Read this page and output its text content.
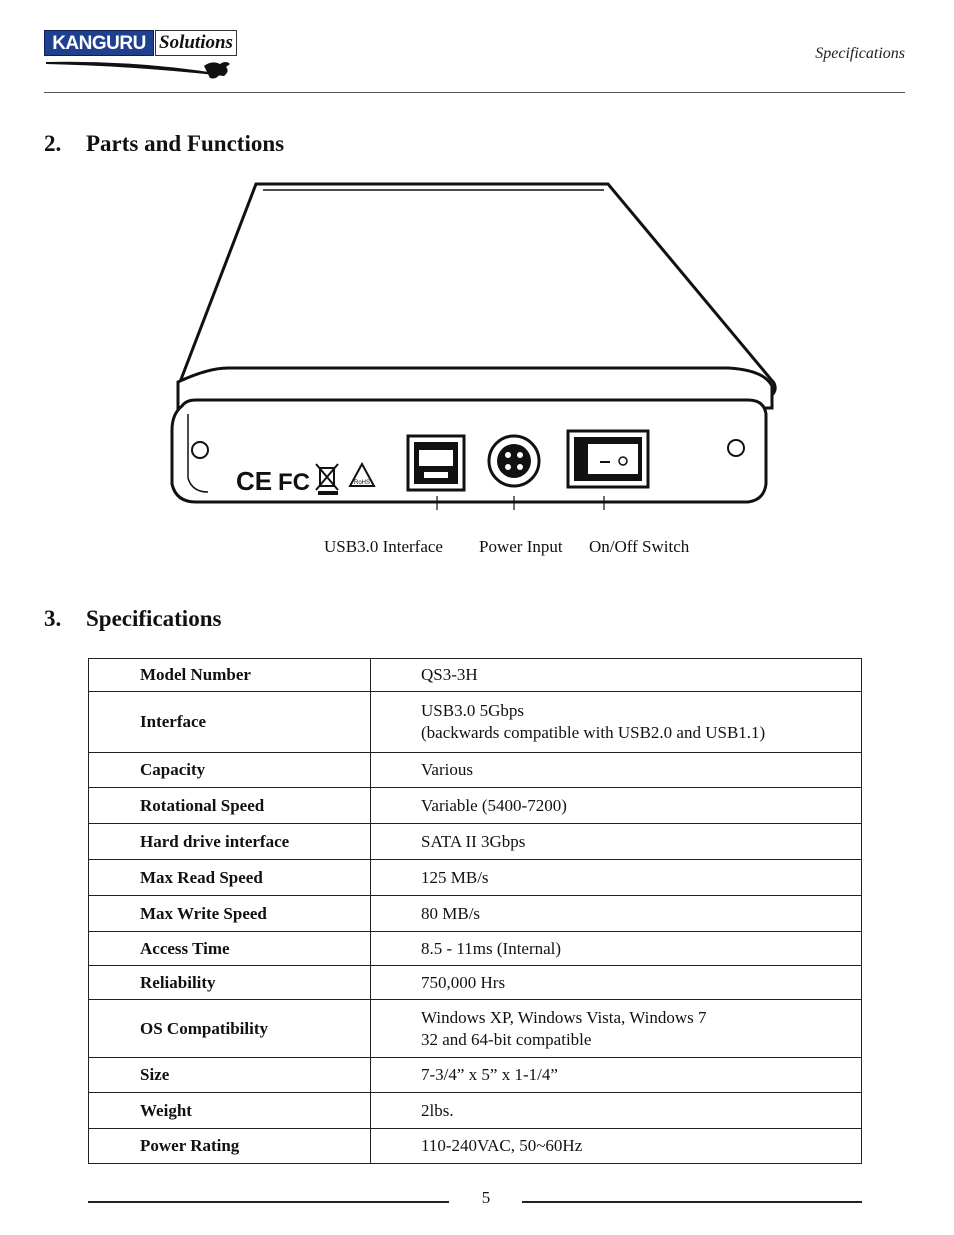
KANGURU Solutions
Specifications
2. Parts and Functions
CE FC	RoHS
USB3.0 Interface Power Input On/Off Switch
3. Specifications
Model Number	QS3-3H

Interface	USB3.0 5Gbps
(backwards compatible with USB2.0 and USB1.1)

Capacity	Various

Rotational Speed	Variable (5400-7200)

Hard drive interface	SATA II 3Gbps

Max Read Speed	125 MB/s

Max Write Speed	80 MB/s

Access Time	8.5 - 11ms (Internal)

Reliability	750,000 Hrs

OS Compatibility	Windows XP, Windows Vista, Windows 7
32 and 64-bit compatible

Size	7-3/4” x 5” x 1-1/4”

Weight	2lbs.

Power Rating	110-240VAC, 50~60Hz
5
